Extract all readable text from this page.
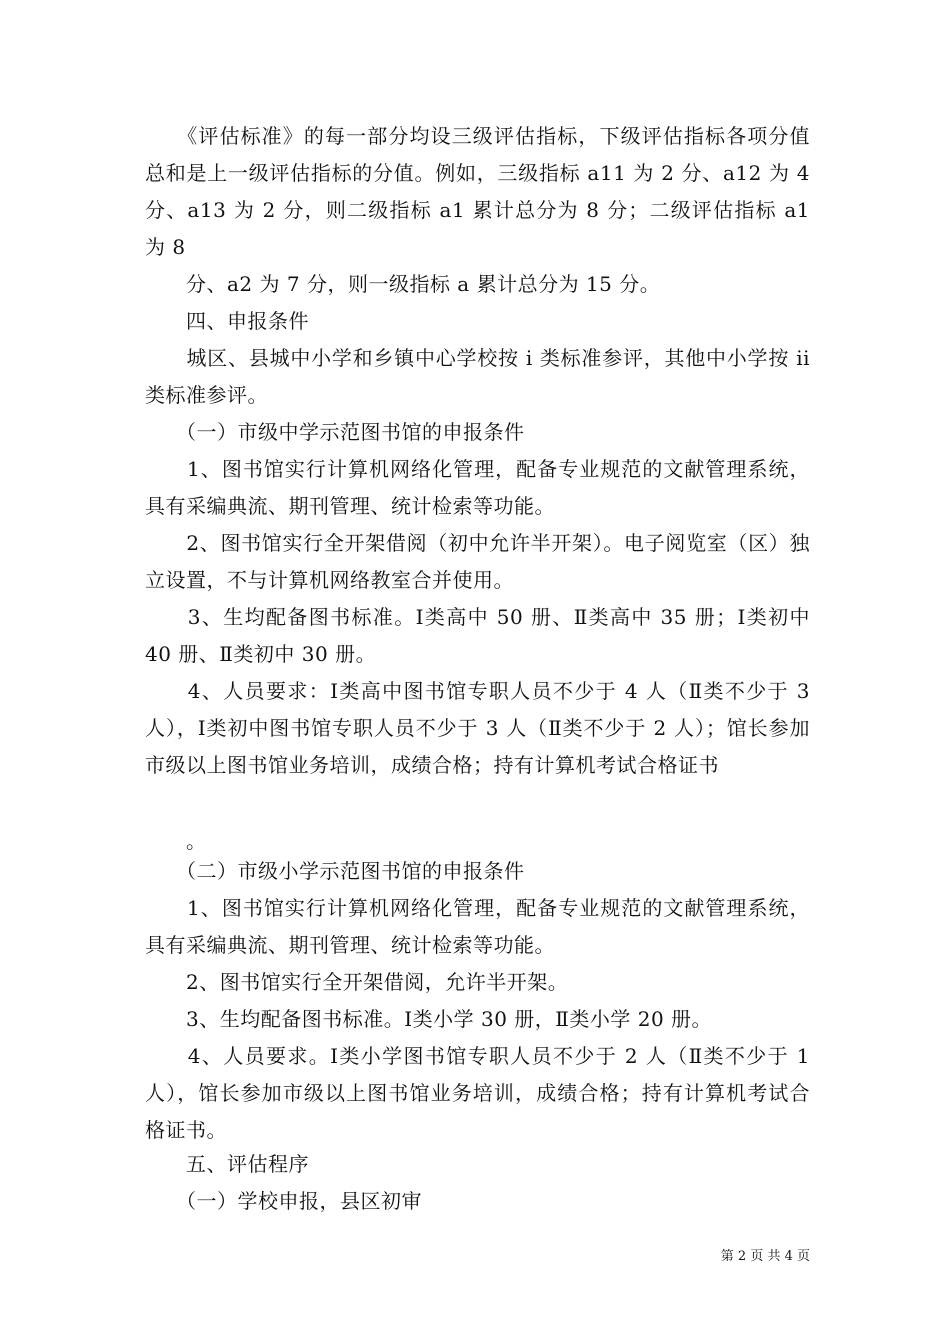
　　《评估标准》的每一部分均设三级评估指标，下级评估指标各项分值总和是上一级评估指标的分值。例如，三级指标 a11 为 2 分、a12 为 4 分、a13 为 2 分，则二级指标 a1 累计总分为 8 分；二级评估指标 a1 为 8

　　分、a2 为 7 分，则一级指标 a 累计总分为 15 分。

　　四、申报条件

　　城区、县城中小学和乡镇中心学校按 i 类标准参评，其他中小学按 ii 类标准参评。

　　（一）市级中学示范图书馆的申报条件

　　1、图书馆实行计算机网络化管理，配备专业规范的文献管理系统，具有采编典流、期刊管理、统计检索等功能。

　　2、图书馆实行全开架借阅（初中允许半开架）。电子阅览室（区）独立设置，不与计算机网络教室合并使用。

　　3、生均配备图书标准。Ⅰ类高中 50 册、Ⅱ类高中 35 册；Ⅰ类初中 40 册、Ⅱ类初中 30 册。

　　4、人员要求：Ⅰ类高中图书馆专职人员不少于 4 人（Ⅱ类不少于 3 人），Ⅰ类初中图书馆专职人员不少于 3 人（Ⅱ类不少于 2 人）；馆长参加市级以上图书馆业务培训，成绩合格；持有计算机考试合格证书

　　。

　　（二）市级小学示范图书馆的申报条件

　　1、图书馆实行计算机网络化管理，配备专业规范的文献管理系统，具有采编典流、期刊管理、统计检索等功能。

　　2、图书馆实行全开架借阅，允许半开架。

　　3、生均配备图书标准。Ⅰ类小学 30 册，Ⅱ类小学 20 册。

　　4、人员要求。Ⅰ类小学图书馆专职人员不少于 2 人（Ⅱ类不少于 1 人），馆长参加市级以上图书馆业务培训，成绩合格；持有计算机考试合格证书。

　　五、评估程序

　　（一）学校申报，县区初审

第 2 页 共 4 页
